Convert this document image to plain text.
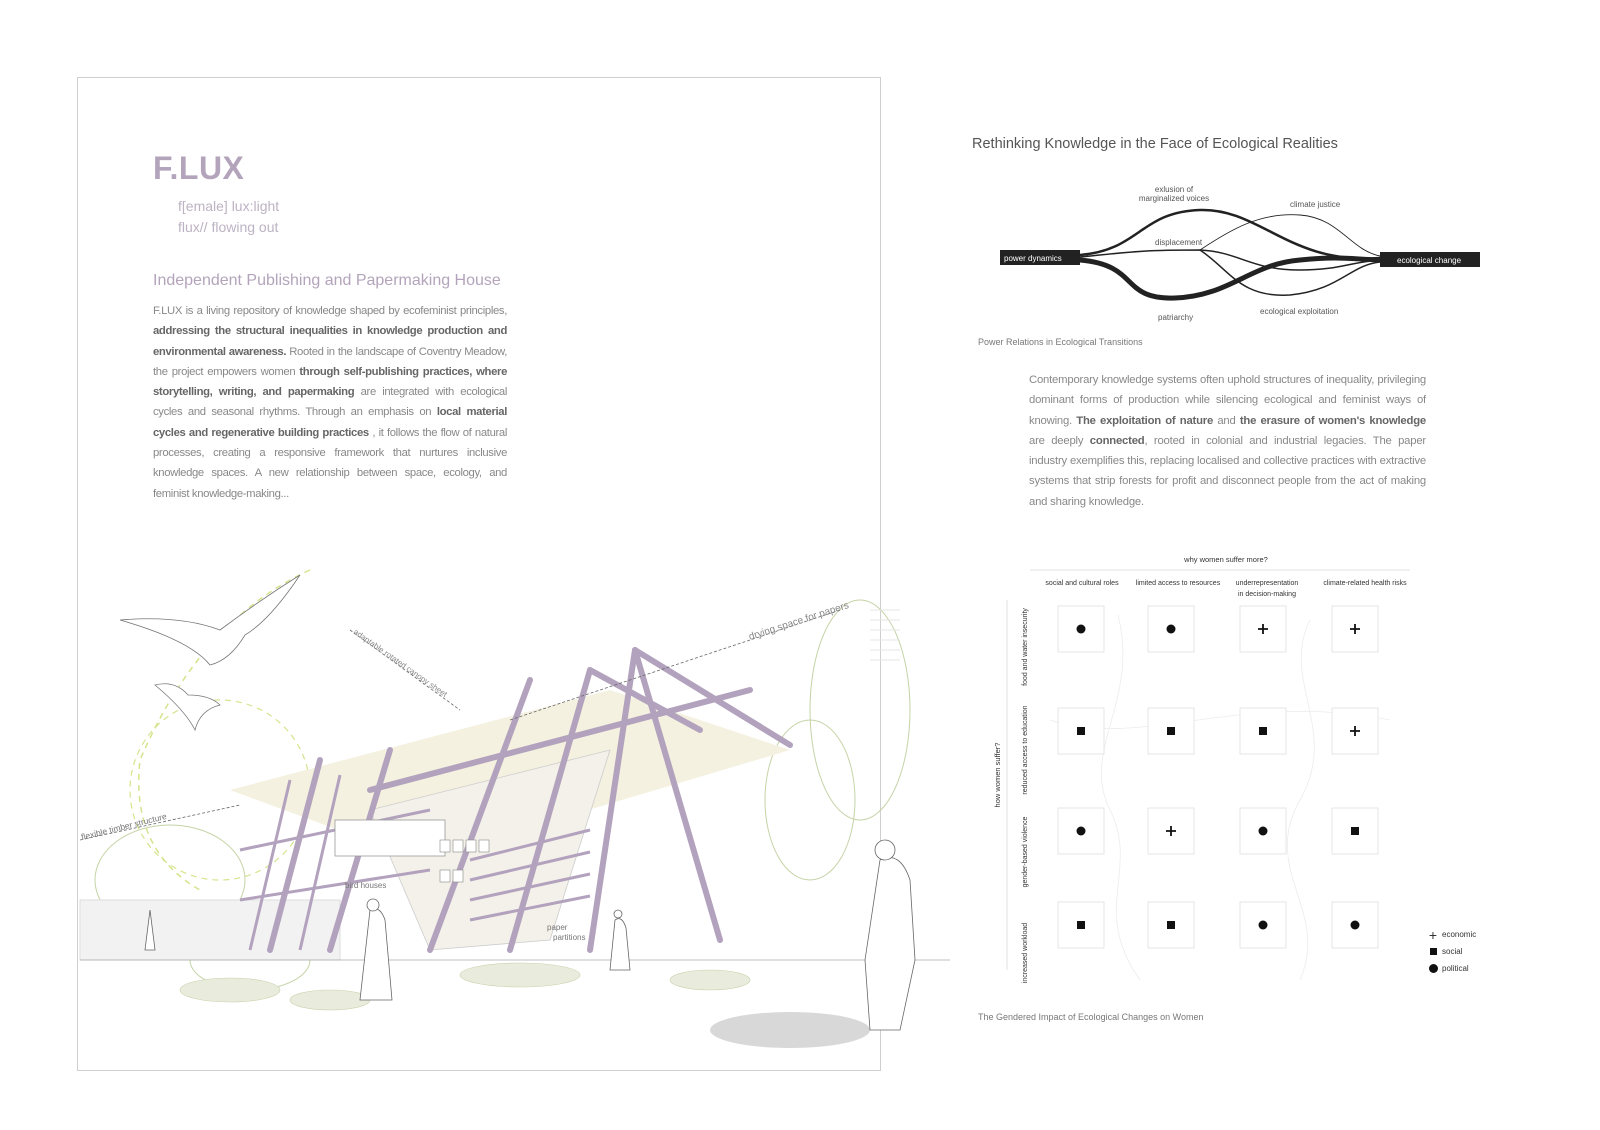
F.LUX
f[emale] lux:light
flux// flowing out
Independent Publishing and Papermaking House
F.LUX is a living repository of knowledge shaped by ecofeminist principles, addressing the structural inequalities in knowledge production and environmental awareness. Rooted in the landscape of Coventry Meadow, the project empowers women through self-publishing practices, where storytelling, writing, and papermaking are integrated with ecological cycles and seasonal rhythms. Through an emphasis on local material cycles and regenerative building practices , it follows the flow of natural processes, creating a responsive framework that nurtures inclusive knowledge spaces. A new relationship between space, ecology, and feminist knowledge-making...
drying space for papers
adaptable rotated canopy sheet
flexible timber structure
bird houses
paper
partitions
Rethinking Knowledge in the Face of Ecological Realities
power dynamics	ecological change
exlusion of
marginalized voices
displacement
climate justice
patriarchy
ecological exploitation
Power Relations in Ecological Transitions
Contemporary knowledge systems often uphold structures of inequality, privileging dominant forms of production while silencing ecological and feminist ways of knowing. The exploitation of nature and the erasure of women's knowledge are deeply connected, rooted in colonial and industrial legacies. The paper industry exemplifies this, replacing localised and collective practices with extractive systems that strip forests for profit and disconnect people from the act of making and sharing knowledge.
why women suffer more?
how women suffer?
social and cultural roles limited access to resources underrepresentation
in decision-making
climate-related health risks
food and water insecurity
reduced access to education
gender-based violence
increased workload	+ economic
social
political
The Gendered Impact of Ecological Changes on Women
